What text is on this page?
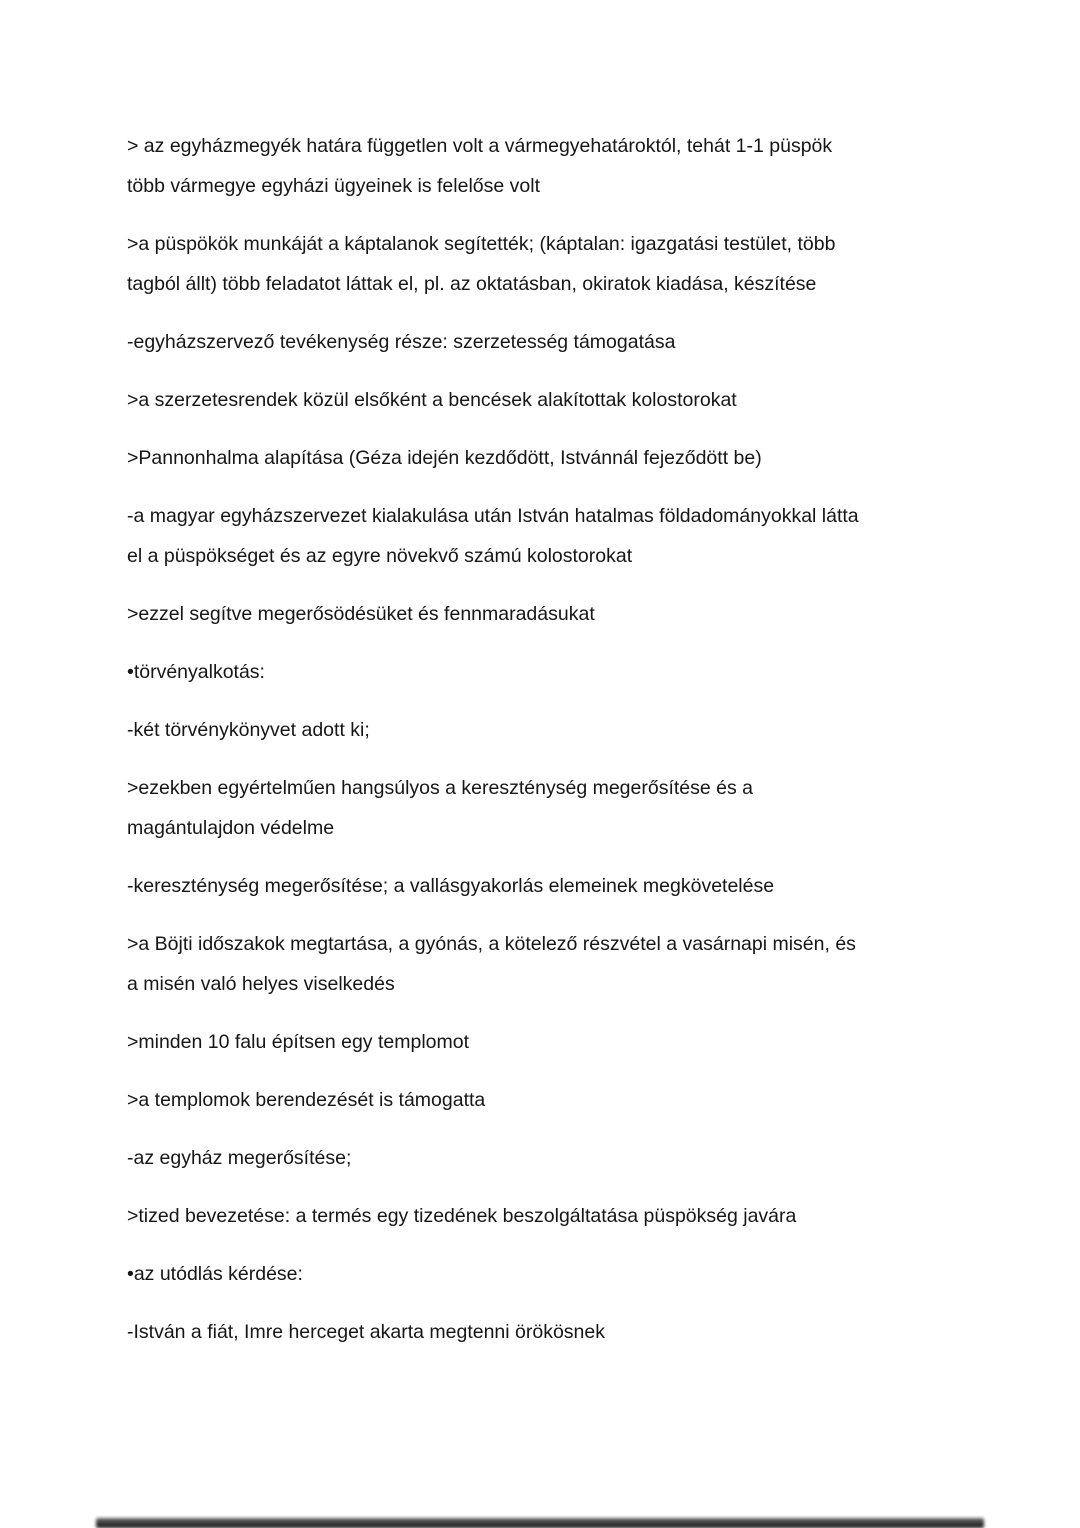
> az egyházmegyék határa független volt a vármegyehatároktól, tehát 1-1 püspök
több vármegye egyházi ügyeinek is felelőse volt

>a püspökök munkáját a káptalanok segítették; (káptalan: igazgatási testület, több
tagból állt) több feladatot láttak el, pl. az oktatásban, okiratok kiadása, készítése

-egyházszervező tevékenység része: szerzetesség támogatása

>a szerzetesrendek közül elsőként a bencések alakítottak kolostorokat

>Pannonhalma alapítása (Géza idején kezdődött, Istvánnál fejeződött be)

-a magyar egyházszervezet kialakulása után István hatalmas földadományokkal látta
el a püspökséget és az egyre növekvő számú kolostorokat

>ezzel segítve megerősödésüket és fennmaradásukat

•törvényalkotás:

-két törvénykönyvet adott ki;

>ezekben egyértelműen hangsúlyos a kereszténység megerősítése és a
magántulajdon védelme

-kereszténység megerősítése; a vallásgyakorlás elemeinek megkövetelése

>a Böjti időszakok megtartása, a gyónás, a kötelező részvétel a vasárnapi misén, és
a misén való helyes viselkedés

>minden 10 falu építsen egy templomot

>a templomok berendezését is támogatta

-az egyház megerősítése;

>tized bevezetése: a termés egy tizedének beszolgáltatása püspökség javára

•az utódlás kérdése:

-István a fiát, Imre herceget akarta megtenni örökösnek
